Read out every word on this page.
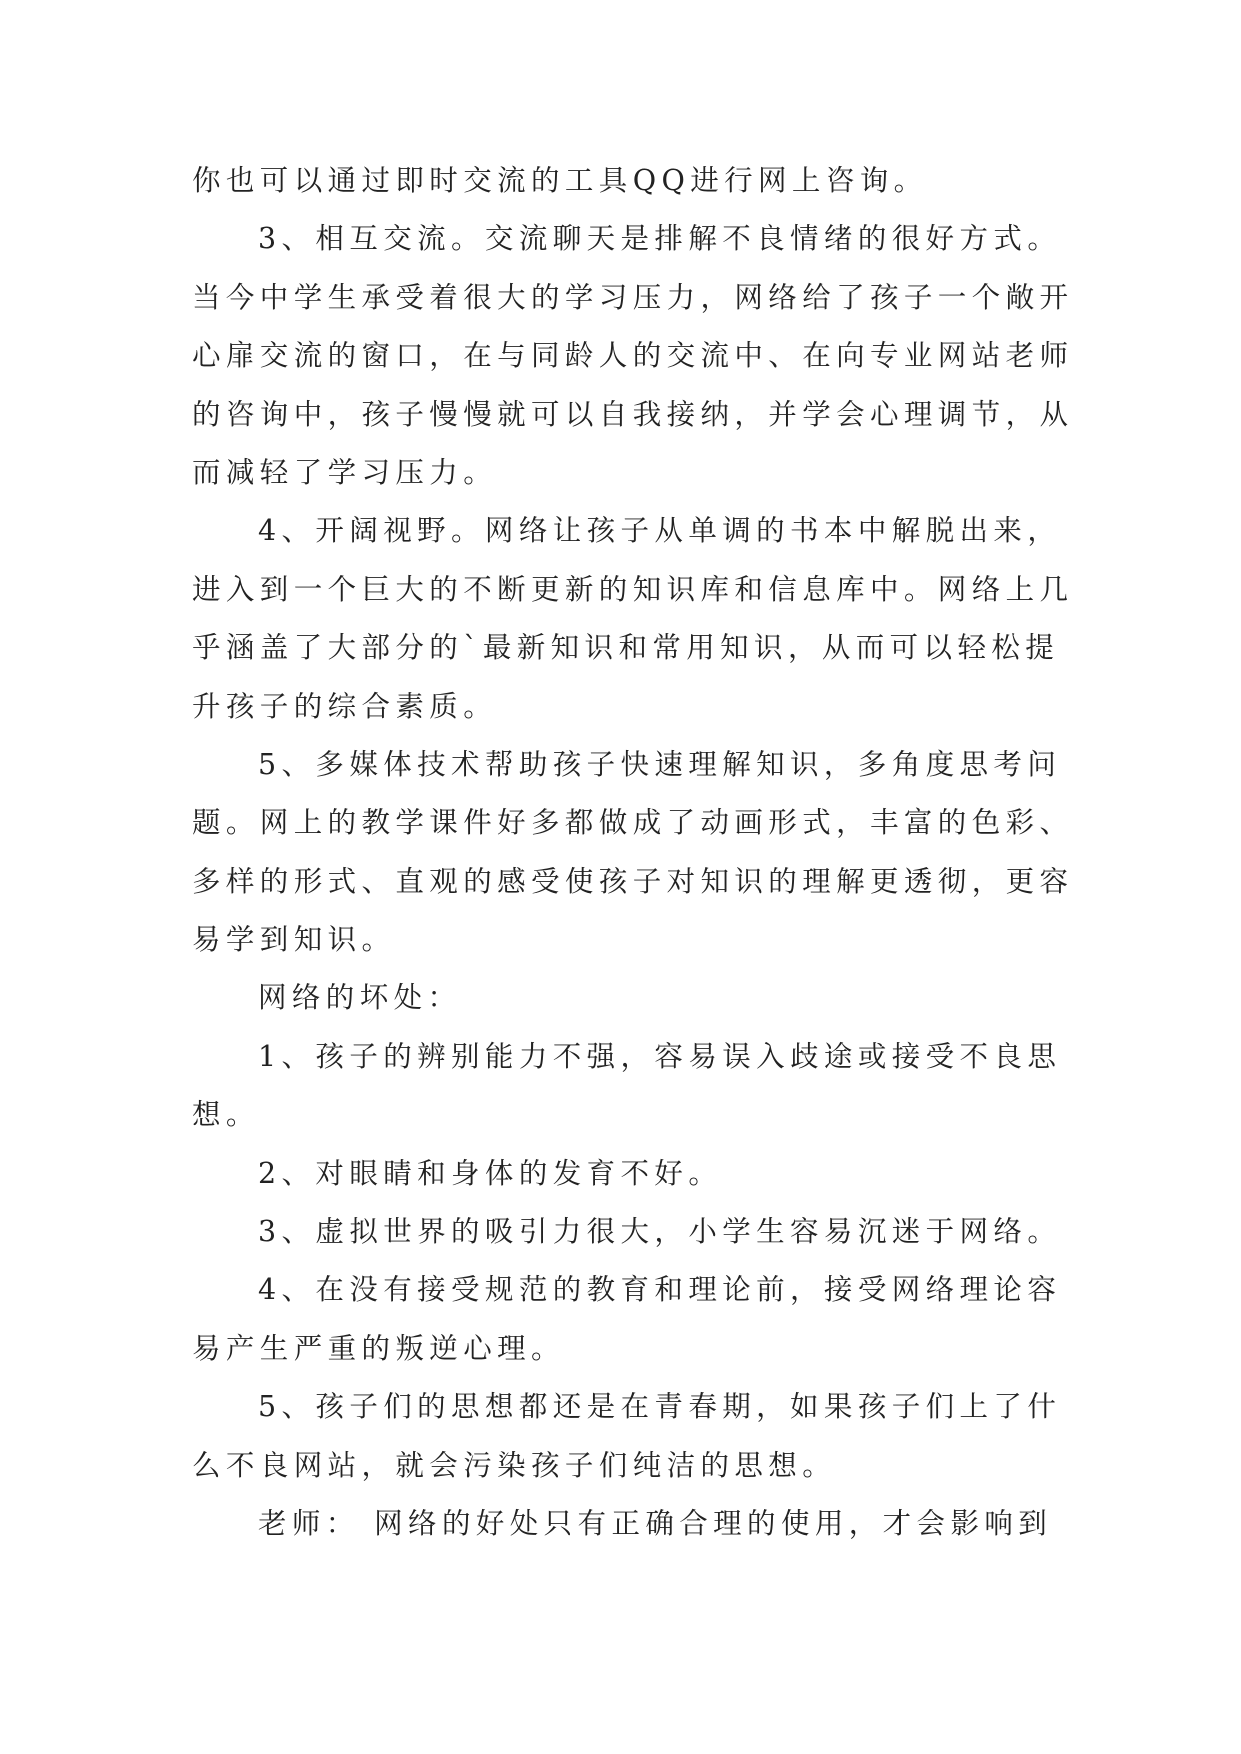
你也可以通过即时交流的工具QQ进行网上咨询。
3、相互交流。交流聊天是排解不良情绪的很好方式。
当今中学生承受着很大的学习压力，网络给了孩子一个敞开
心扉交流的窗口，在与同龄人的交流中、在向专业网站老师
的咨询中，孩子慢慢就可以自我接纳，并学会心理调节，从
而减轻了学习压力。
4、开阔视野。网络让孩子从单调的书本中解脱出来，
进入到一个巨大的不断更新的知识库和信息库中。网络上几
乎涵盖了大部分的`最新知识和常用知识，从而可以轻松提
升孩子的综合素质。
5、多媒体技术帮助孩子快速理解知识，多角度思考问
题。网上的教学课件好多都做成了动画形式，丰富的色彩、
多样的形式、直观的感受使孩子对知识的理解更透彻，更容
易学到知识。
网络的坏处：
1、孩子的辨别能力不强，容易误入歧途或接受不良思
想。
2、对眼睛和身体的发育不好。
3、虚拟世界的吸引力很大，小学生容易沉迷于网络。
4、在没有接受规范的教育和理论前，接受网络理论容
易产生严重的叛逆心理。
5、孩子们的思想都还是在青春期，如果孩子们上了什
么不良网站，就会污染孩子们纯洁的思想。
老师： 网络的好处只有正确合理的使用，才会影响到
